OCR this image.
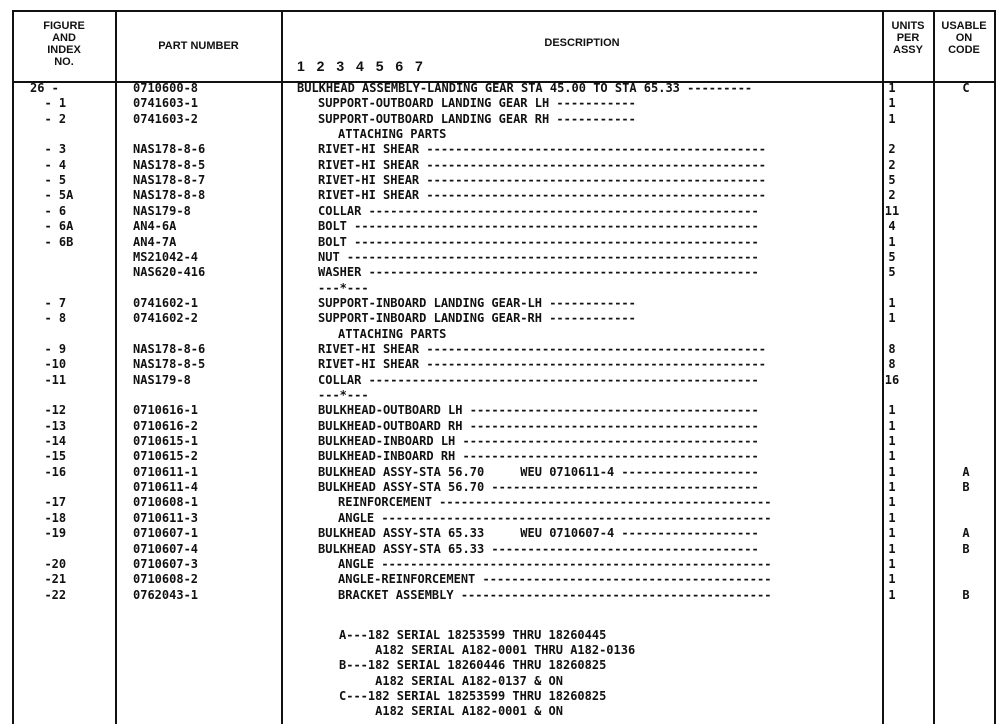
FIGURE
AND
INDEX
NO.
PART NUMBER	DESCRIPTION
1 2 3 4 5 6 7
UNITS
PER
ASSY
USABLE
ON
CODE
26 -	0710600-8	BULKHEAD ASSEMBLY-LANDING GEAR STA 45.00 TO STA 65.33 ---------	1	C
- 1	0741603-1	SUPPORT-OUTBOARD LANDING GEAR LH -----------	1
- 2	0741603-2	SUPPORT-OUTBOARD LANDING GEAR RH -----------	1
ATTACHING PARTS
- 3	NAS178-8-6	RIVET-HI SHEAR -----------------------------------------------	2
- 4	NAS178-8-5	RIVET-HI SHEAR -----------------------------------------------	2
- 5	NAS178-8-7	RIVET-HI SHEAR -----------------------------------------------	5
- 5A	NAS178-8-8	RIVET-HI SHEAR -----------------------------------------------	2
- 6	NAS179-8	COLLAR ------------------------------------------------------	11
- 6A	AN4-6A	BOLT --------------------------------------------------------	4
- 6B	AN4-7A	BOLT --------------------------------------------------------	1
MS21042-4	NUT ---------------------------------------------------------	5
NAS620-416	WASHER ------------------------------------------------------	5
---*---
- 7	0741602-1	SUPPORT-INBOARD LANDING GEAR-LH ------------	1
- 8	0741602-2	SUPPORT-INBOARD LANDING GEAR-RH ------------	1
ATTACHING PARTS
- 9	NAS178-8-6	RIVET-HI SHEAR -----------------------------------------------	8
-10	NAS178-8-5	RIVET-HI SHEAR -----------------------------------------------	8
-11	NAS179-8	COLLAR ------------------------------------------------------	16
---*---
-12	0710616-1	BULKHEAD-OUTBOARD LH ----------------------------------------	1
-13	0710616-2	BULKHEAD-OUTBOARD RH ----------------------------------------	1
-14	0710615-1	BULKHEAD-INBOARD LH -----------------------------------------	1
-15	0710615-2	BULKHEAD-INBOARD RH -----------------------------------------	1
-16	0710611-1	BULKHEAD ASSY-STA 56.70     WEU 0710611-4 -------------------	1	A
0710611-4	BULKHEAD ASSY-STA 56.70 -------------------------------------	1	B
-17	0710608-1	REINFORCEMENT ----------------------------------------------	1
-18	0710611-3	ANGLE ------------------------------------------------------	1
-19	0710607-1	BULKHEAD ASSY-STA 65.33     WEU 0710607-4 -------------------	1	A
0710607-4	BULKHEAD ASSY-STA 65.33 -------------------------------------	1	B
-20	0710607-3	ANGLE ------------------------------------------------------	1
-21	0710608-2	ANGLE-REINFORCEMENT ----------------------------------------	1
-22	0762043-1	BRACKET ASSEMBLY -------------------------------------------	1	B
A---182 SERIAL 18253599 THRU 18260445
A182 SERIAL A182-0001 THRU A182-0136
B---182 SERIAL 18260446 THRU 18260825
A182 SERIAL A182-0137 & ON
C---182 SERIAL 18253599 THRU 18260825
A182 SERIAL A182-0001 & ON
